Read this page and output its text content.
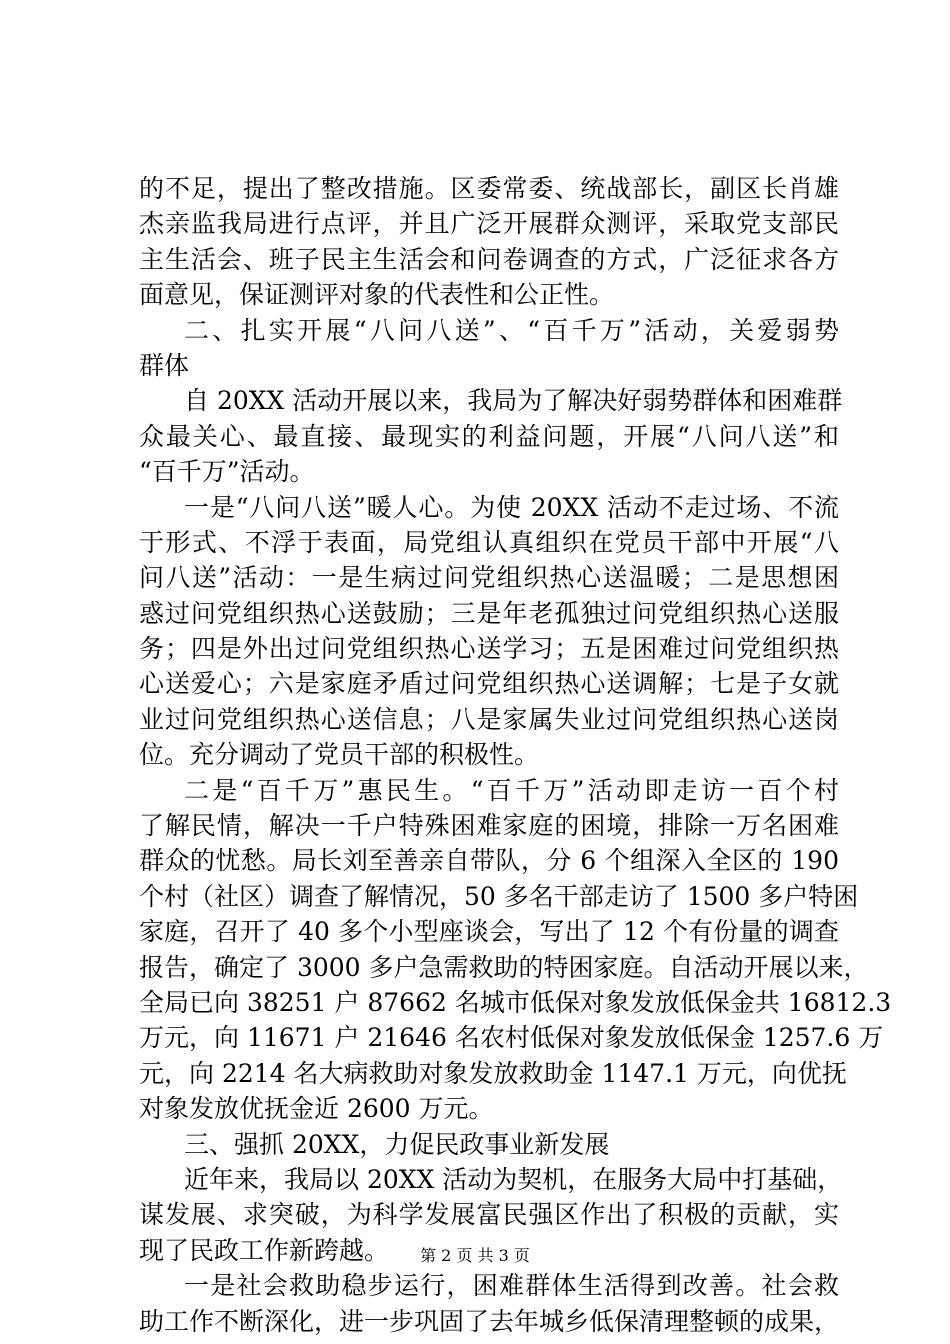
的不足，提出了整改措施。区委常委、统战部长，副区长肖雄
杰亲监我局进行点评，并且广泛开展群众测评，采取党支部民
主生活会、班子民主生活会和问卷调查的方式，广泛征求各方
面意见，保证测评对象的代表性和公正性。
二、扎实开展“八问八送”、“百千万”活动，关爱弱势
群体
自 20XX 活动开展以来，我局为了解决好弱势群体和困难群
众最关心、最直接、最现实的利益问题，开展“八问八送”和
“百千万”活动。
一是“八问八送”暖人心。为使 20XX 活动不走过场、不流
于形式、不浮于表面，局党组认真组织在党员干部中开展“八
问八送”活动：一是生病过问党组织热心送温暖；二是思想困
惑过问党组织热心送鼓励；三是年老孤独过问党组织热心送服
务；四是外出过问党组织热心送学习；五是困难过问党组织热
心送爱心；六是家庭矛盾过问党组织热心送调解；七是子女就
业过问党组织热心送信息；八是家属失业过问党组织热心送岗
位。充分调动了党员干部的积极性。
二是“百千万”惠民生。“百千万”活动即走访一百个村
了解民情，解决一千户特殊困难家庭的困境，排除一万名困难
群众的忧愁。局长刘至善亲自带队，分 6 个组深入全区的 190
个村（社区）调查了解情况，50 多名干部走访了 1500 多户特困
家庭，召开了 40 多个小型座谈会，写出了 12 个有份量的调查
报告，确定了 3000 多户急需救助的特困家庭。自活动开展以来，
全局已向 38251 户 87662 名城市低保对象发放低保金共 16812.3
万元，向 11671 户 21646 名农村低保对象发放低保金 1257.6 万
元，向 2214 名大病救助对象发放救助金 1147.1 万元，向优抚
对象发放优抚金近 2600 万元。
三、强抓 20XX，力促民政事业新发展
近年来，我局以 20XX 活动为契机，在服务大局中打基础，
谋发展、求突破，为科学发展富民强区作出了积极的贡献，实
现了民政工作新跨越。
一是社会救助稳步运行，困难群体生活得到改善。社会救
助工作不断深化，进一步巩固了去年城乡低保清理整顿的成果，
第 2 页 共 3 页
